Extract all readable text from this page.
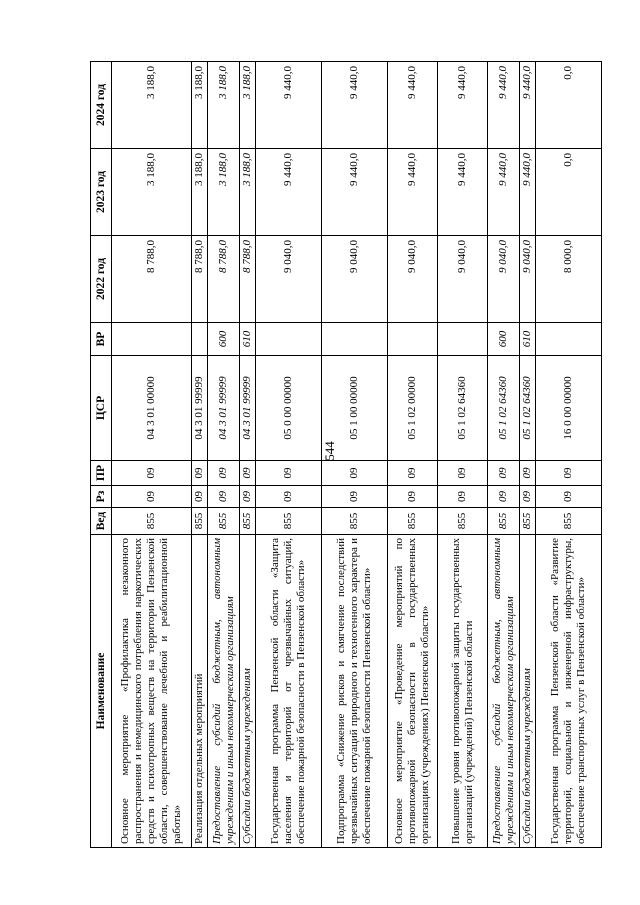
544
Наименование	Вед	Рз	ПР	ЦСР	ВР	2022 год	2023 год	2024 год
Основное мероприятие «Профилактика незаконного распространения и немедицинского потребления наркотических средств и психотропных веществ на территории Пензенской области, совершенствование лечебной и реабилитационной работы»	855	09	09	04 3 01 00000		8 788,0	3 188,0	3 188,0
Реализация отдельных мероприятий	855	09	09	04 3 01 99999		8 788,0	3 188,0	3 188,0
Предоставление субсидий бюджетным, автономным учреждениям и иным некоммерческим организациям	855	09	09	04 3 01 99999	600	8 788,0	3 188,0	3 188,0
Субсидии бюджетным учреждениям	855	09	09	04 3 01 99999	610	8 788,0	3 188,0	3 188,0
Государственная программа Пензенской области «Защита населения и территорий от чрезвычайных ситуаций, обеспечение пожарной безопасности в Пензенской области»	855	09	09	05 0 00 00000		9 040,0	9 440,0	9 440,0
Подпрограмма «Снижение рисков и смягчение последствий чрезвычайных ситуаций природного и техногенного характера и обеспечение пожарной безопасности Пензенской области»	855	09	09	05 1 00 00000		9 040,0	9 440,0	9 440,0
Основное мероприятие «Проведение мероприятий по противопожарной безопасности в государственных организациях (учреждениях) Пензенской области»	855	09	09	05 1 02 00000		9 040,0	9 440,0	9 440,0
Повышение уровня противопожарной защиты государственных организаций (учреждений) Пензенской области	855	09	09	05 1 02 64360		9 040,0	9 440,0	9 440,0
Предоставление субсидий бюджетным, автономным учреждениям и иным некоммерческим организациям	855	09	09	05 1 02 64360	600	9 040,0	9 440,0	9 440,0
Субсидии бюджетным учреждениям	855	09	09	05 1 02 64360	610	9 040,0	9 440,0	9 440,0
Государственная программа Пензенской области «Развитие территорий, социальной и инженерной инфраструктуры, обеспечение транспортных услуг в Пензенской области»	855	09	09	16 0 00 00000		8 000,0	0,0	0,0
